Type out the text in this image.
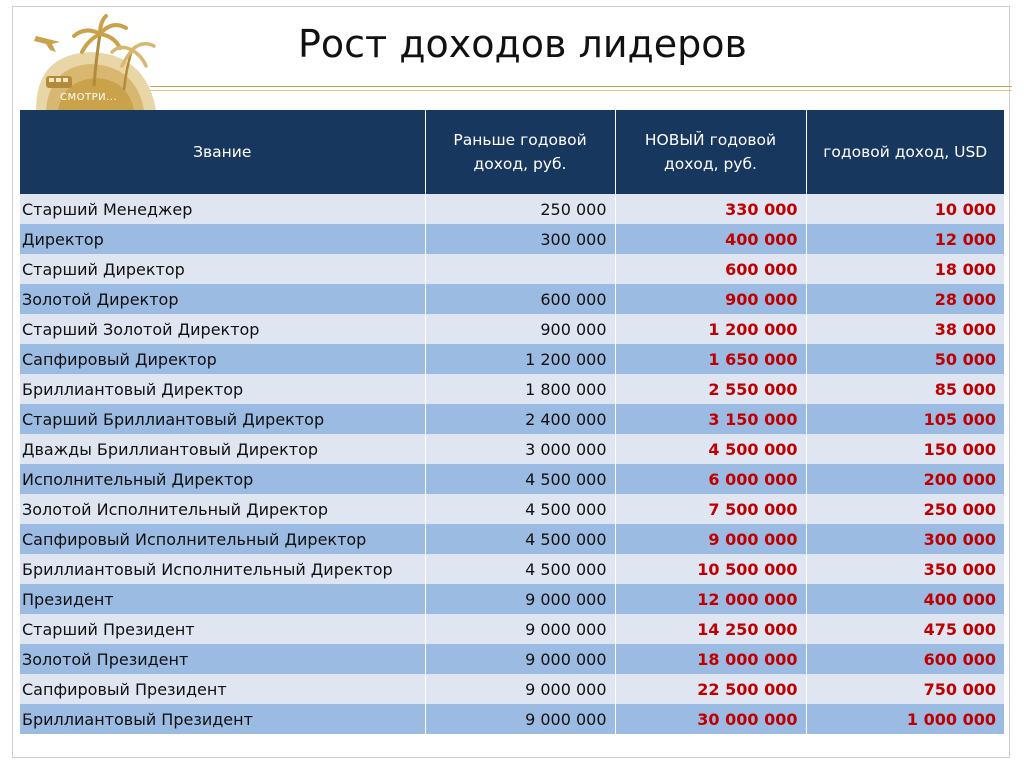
СМОТРИ...
Рост доходов лидеров
Звание	Раньше годовой доход, руб.	НОВЫЙ годовой доход, руб.	годовой доход, USD
Старший Менеджер	250 000	330 000	10 000
Директор	300 000	400 000	12 000
Старший Директор		600 000	18 000
Золотой Директор	600 000	900 000	28 000
Старший Золотой Директор	900 000	1 200 000	38 000
Сапфировый Директор	1 200 000	1 650 000	50 000
Бриллиантовый Директор	1 800 000	2 550 000	85 000
Старший Бриллиантовый Директор	2 400 000	3 150 000	105 000
Дважды Бриллиантовый Директор	3 000 000	4 500 000	150 000
Исполнительный Директор	4 500 000	6 000 000	200 000
Золотой Исполнительный Директор	4 500 000	7 500 000	250 000
Сапфировый Исполнительный Директор	4 500 000	9 000 000	300 000
Бриллиантовый Исполнительный Директор	4 500 000	10 500 000	350 000
Президент	9 000 000	12 000 000	400 000
Старший Президент	9 000 000	14 250 000	475 000
Золотой Президент	9 000 000	18 000 000	600 000
Сапфировый Президент	9 000 000	22 500 000	750 000
Бриллиантовый Президент	9 000 000	30 000 000	1 000 000
